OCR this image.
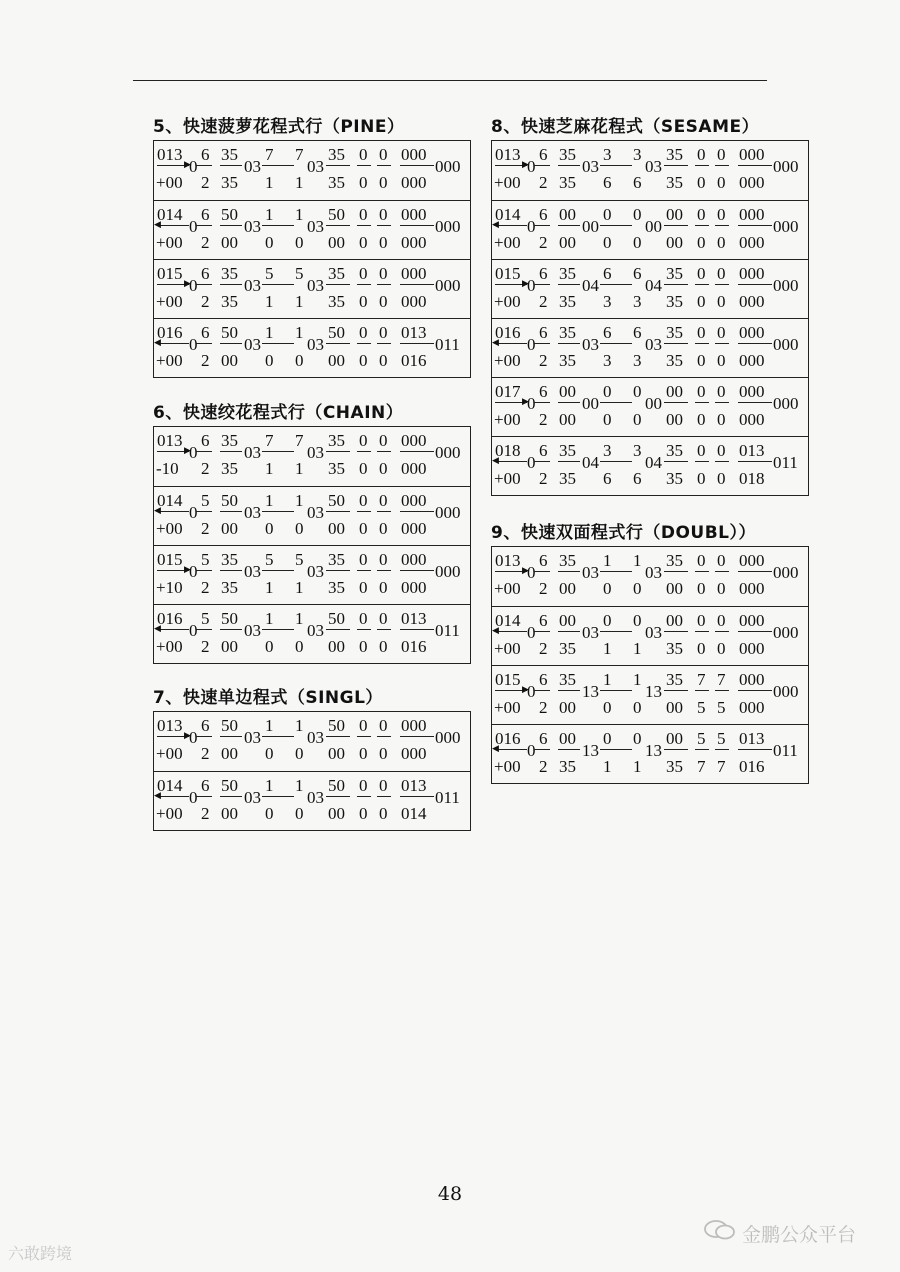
5、快速菠萝花程式行（PINE）
013
+00
▶
0
6
2
35
35
03
7
1
7
03
1
35
35
0
0
0
0
000
000
000
014
+00
◀ 0
6
2
50
00
03
1
0
1
03
0
50
00
0
0
0
0
000
000
000
015
+00
▶
0
6
2
35
35
03
5
1
5
03
1
35
35
0
0
0
0
000
000
000
016
+00
◀ 0
6
2
50
00
03
1
0
1
03
0
50
00
0
0
0
0
013
016
011
6、快速绞花程式行（CHAIN）
013
-10
▶
0
6
2
35
35
03
7
1
7
03
1
35
35
0
0
0
0
000
000
000
014
+00
◀ 0
5
2
50
00
03
1
0
1
03
0
50
00
0
0
0
0
000
000
000
015
+10
▶
0
5
2
35
35
03
5
1
5
03
1
35
35
0
0
0
0
000
000
000
016
+00
◀ 0
5
2
50
00
03
1
0
1
03
0
50
00
0
0
0
0
013
016
011
7、快速单边程式（SINGL）
013
+00
▶
0
6
2
50
00
03
1
0
1
03
0
50
00
0
0
0
0
000
000
000
014
+00
◀ 0
6
2
50
00
03
1
0
1
03
0
50
00
0
0
0
0
013
014
011
8、快速芝麻花程式（SESAME）
013
+00
▶
0
6
2
35
35
03
3
6
3
03
6
35
35
0
0
0
0
000
000
000
014
+00
◀ 0
6
2
00
00
00
0
0
0
00
0
00
00
0
0
0
0
000
000
000
015
+00
▶
0
6
2
35
35
04
6
3
6
04
3
35
35
0
0
0
0
000
000
000
016
+00
◀ 0
6
2
35
35
03
6
3
6
03
3
35
35
0
0
0
0
000
000
000
017
+00
▶
0
6
2
00
00
00
0
0
0
00
0
00
00
0
0
0
0
000
000
000
018
+00
◀ 0
6
2
35
35
04
3
6
3
04
6
35
35
0
0
0
0
013
018
011
9、快速双面程式行（DOUBL））
013
+00
▶
0
6
2
35
00
03
1
0
1
03
0
35
00
0
0
0
0
000
000
000
014
+00
◀ 0
6
2
00
35
03
0
1
0
03
1
00
35
0
0
0
0
000
000
000
015
+00
▶
0
6
2
35
00
13
1
0
1
13
0
35
00
7
5
7
5
000
000
000
016
+00
◀ 0
6
2
00
35
13
0
1
0
13
1
00
35
5
7
5
7
013
016
011
48
六敢跨境
金鹏公众平台
